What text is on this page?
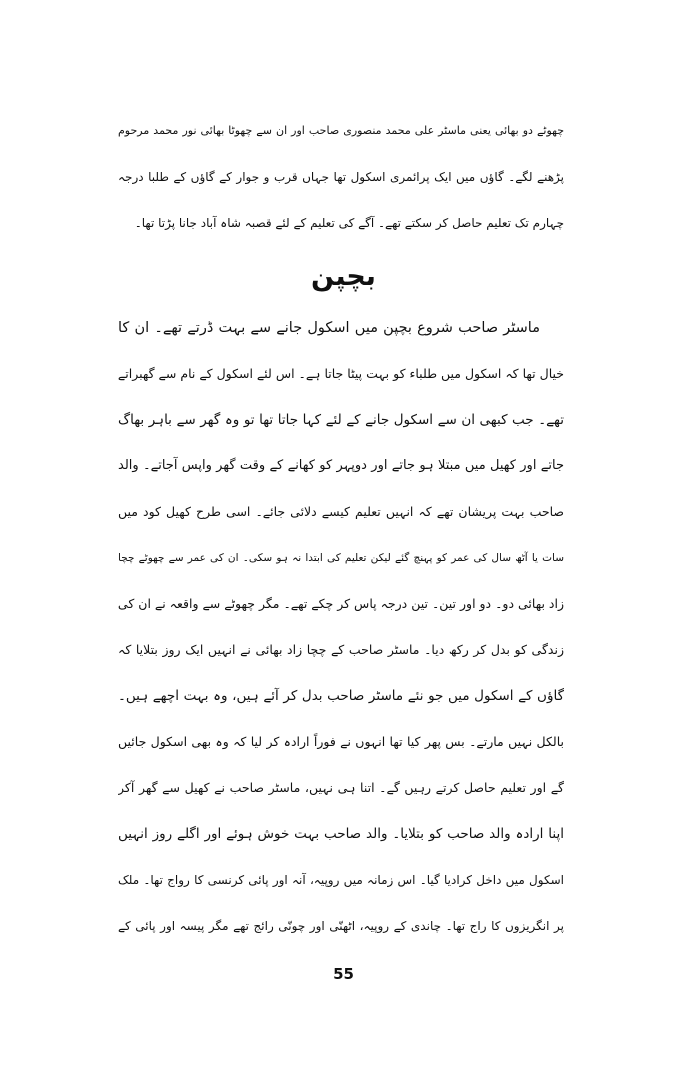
چھوٹے دو بھائی یعنی ماسٹر علی محمد منصوری صاحب اور ان سے چھوٹا بھائی نور محمد مرحوم
پڑھنے لگے۔ گاؤں میں ایک پرائمری اسکول تھا جہاں قرب و جوار کے گاؤں کے طلبا درجہ
چہارم تک تعلیم حاصل کر سکتے تھے۔ آگے کی تعلیم کے لئے قصبہ شاہ آباد جانا پڑتا تھا۔
بچپن
ماسٹر صاحب شروع بچپن میں اسکول جانے سے بہت ڈرتے تھے۔ ان کا
خیال تھا کہ اسکول میں طلباء کو بہت پیٹا جاتا ہے۔ اس لئے اسکول کے نام سے گھبراتے
تھے۔ جب کبھی ان سے اسکول جانے کے لئے کہا جاتا تھا تو وہ گھر سے باہر بھاگ
جاتے اور کھیل میں مبتلا ہو جاتے اور دوپہر کو کھانے کے وقت گھر واپس آجاتے۔ والد
صاحب بہت پریشان تھے کہ انہیں تعلیم کیسے دلائی جائے۔ اسی طرح کھیل کود میں
سات یا آٹھ سال کی عمر کو پہنچ گئے لیکن تعلیم کی ابتدا نہ ہو سکی۔ ان کی عمر سے چھوٹے چچا
زاد بھائی دو۔ دو اور تین۔ تین درجہ پاس کر چکے تھے۔ مگر چھوٹے سے واقعہ نے ان کی
زندگی کو بدل کر رکھ دیا۔ ماسٹر صاحب کے چچا زاد بھائی نے انہیں ایک روز بتلایا کہ
گاؤں کے اسکول میں جو نئے ماسٹر صاحب بدل کر آئے ہیں، وہ بہت اچھے ہیں۔
بالکل نہیں مارتے۔ بس پھر کیا تھا انہوں نے فوراً ارادہ کر لیا کہ وہ بھی اسکول جائیں
گے اور تعلیم حاصل کرتے رہیں گے۔ اتنا ہی نہیں، ماسٹر صاحب نے کھیل سے گھر آکر
اپنا ارادہ والد صاحب کو بتلایا۔ والد صاحب بہت خوش ہوئے اور اگلے روز انہیں
اسکول میں داخل کرادیا گیا۔ اس زمانہ میں روپیہ، آنہ اور پائی کرنسی کا رواج تھا۔ ملک
پر انگریزوں کا راج تھا۔ چاندی کے روپیہ، اٹھنّی اور چونّی رائج تھے مگر پیسہ اور پائی کے
55
